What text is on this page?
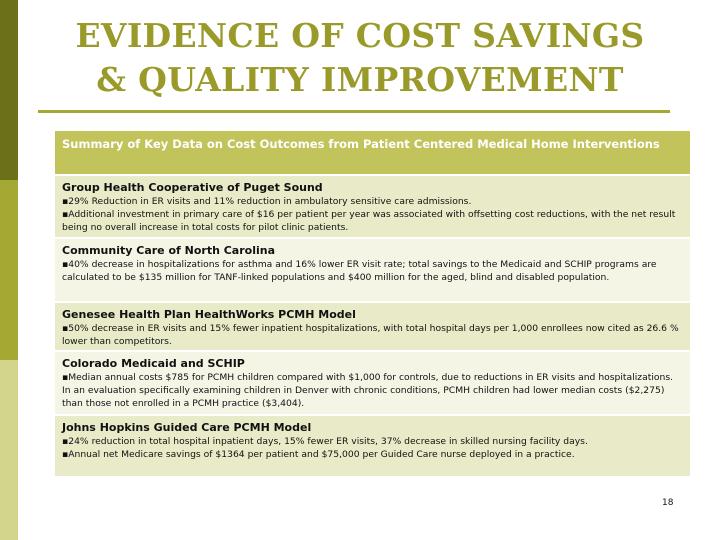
EVIDENCE OF COST SAVINGS
& QUALITY IMPROVEMENT
Summary of Key Data on Cost Outcomes from Patient Centered Medical Home Interventions
Group Health Cooperative of Puget Sound
▪29% Reduction in ER visits and 11% reduction in ambulatory sensitive care admissions.
▪Additional investment in primary care of $16 per patient per year was associated with offsetting cost reductions, with the net result being no overall increase in total costs for pilot clinic patients.
Community Care of North Carolina
▪40% decrease in hospitalizations for asthma and 16% lower ER visit rate; total savings to the Medicaid and SCHIP programs are calculated to be $135 million for TANF-linked populations and $400 million for the aged, blind and disabled population.
Genesee Health Plan HealthWorks PCMH Model
▪50% decrease in ER visits and 15% fewer inpatient hospitalizations, with total hospital days per 1,000 enrollees now cited as 26.6 % lower than competitors.
Colorado Medicaid and SCHIP
▪Median annual costs $785 for PCMH children compared with $1,000 for controls, due to reductions in ER visits and hospitalizations. In an evaluation specifically examining children in Denver with chronic conditions, PCMH children had lower median costs ($2,275) than those not enrolled in a PCMH practice ($3,404).
Johns Hopkins Guided Care PCMH Model
▪24% reduction in total hospital inpatient days, 15% fewer ER visits, 37% decrease in skilled nursing facility days.
▪Annual net Medicare savings of $1364 per patient and $75,000 per Guided Care nurse deployed in a practice.
18
